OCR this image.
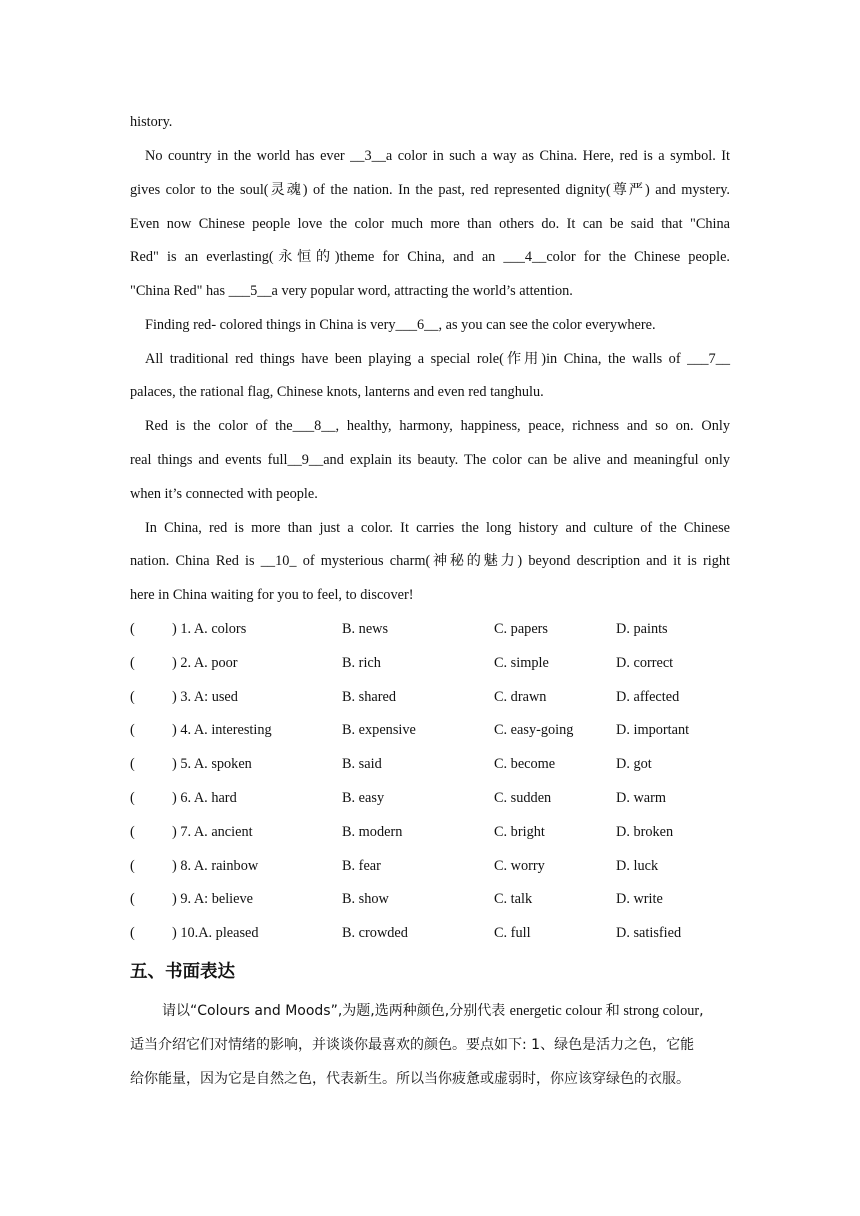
history.
No country in the world has ever __3__a color in such a way as China. Here, red is a symbol. It
gives color to the soul(灵魂) of the nation. In the past, red represented dignity(尊严) and mystery.
Even now Chinese people love the color much more than others do. It can be said that "China
Red" is an everlasting(永恒的)theme for China, and an ___4__color for the Chinese people.
"China Red" has ___5__a very popular word, attracting the world’s attention.
Finding red- colored things in China is very___6__, as you can see the color everywhere.
All traditional red things have been playing a special role(作用)in China, the walls of ___7__
palaces, the rational flag, Chinese knots, lanterns and even red tanghulu.
Red is the color of the___8__, healthy, harmony, happiness, peace, richness and so on. Only
real things and events full__9__and explain its beauty. The color can be alive and meaningful only
when it’s connected with people.
In China, red is more than just a color. It carries the long history and culture of the Chinese
nation. China Red is __10_ of mysterious charm(神秘的魅力) beyond description and it is right
here in China waiting for you to feel, to discover!
(	) 1. A. colors	B. news	C. papers	D. paints
(	) 2. A. poor	B. rich	C. simple	D. correct
(	) 3. A: used	B. shared	C. drawn	D. affected
(	) 4. A. interesting	B. expensive	C. easy-going	D. important
(	) 5. A. spoken	B. said	C. become	D. got
(	) 6. A. hard	B. easy	C. sudden	D. warm
(	) 7. A. ancient	B. modern	C. bright	D. broken
(	) 8. A. rainbow	B. fear	C. worry	D. luck
(	) 9. A: believe	B. show	C. talk	D. write
(	) 10.A. pleased	B. crowded	C. full	D. satisfied
五、书面表达
请以“Colours and Moods”,为题,选两种颜色,分别代表 energetic colour 和 strong colour,
适当介绍它们对情绪的影响，并谈谈你最喜欢的颜色。要点如下: 1、绿色是活力之色，它能
给你能量，因为它是自然之色，代表新生。所以当你疲惫或虚弱时，你应该穿绿色的衣服。
